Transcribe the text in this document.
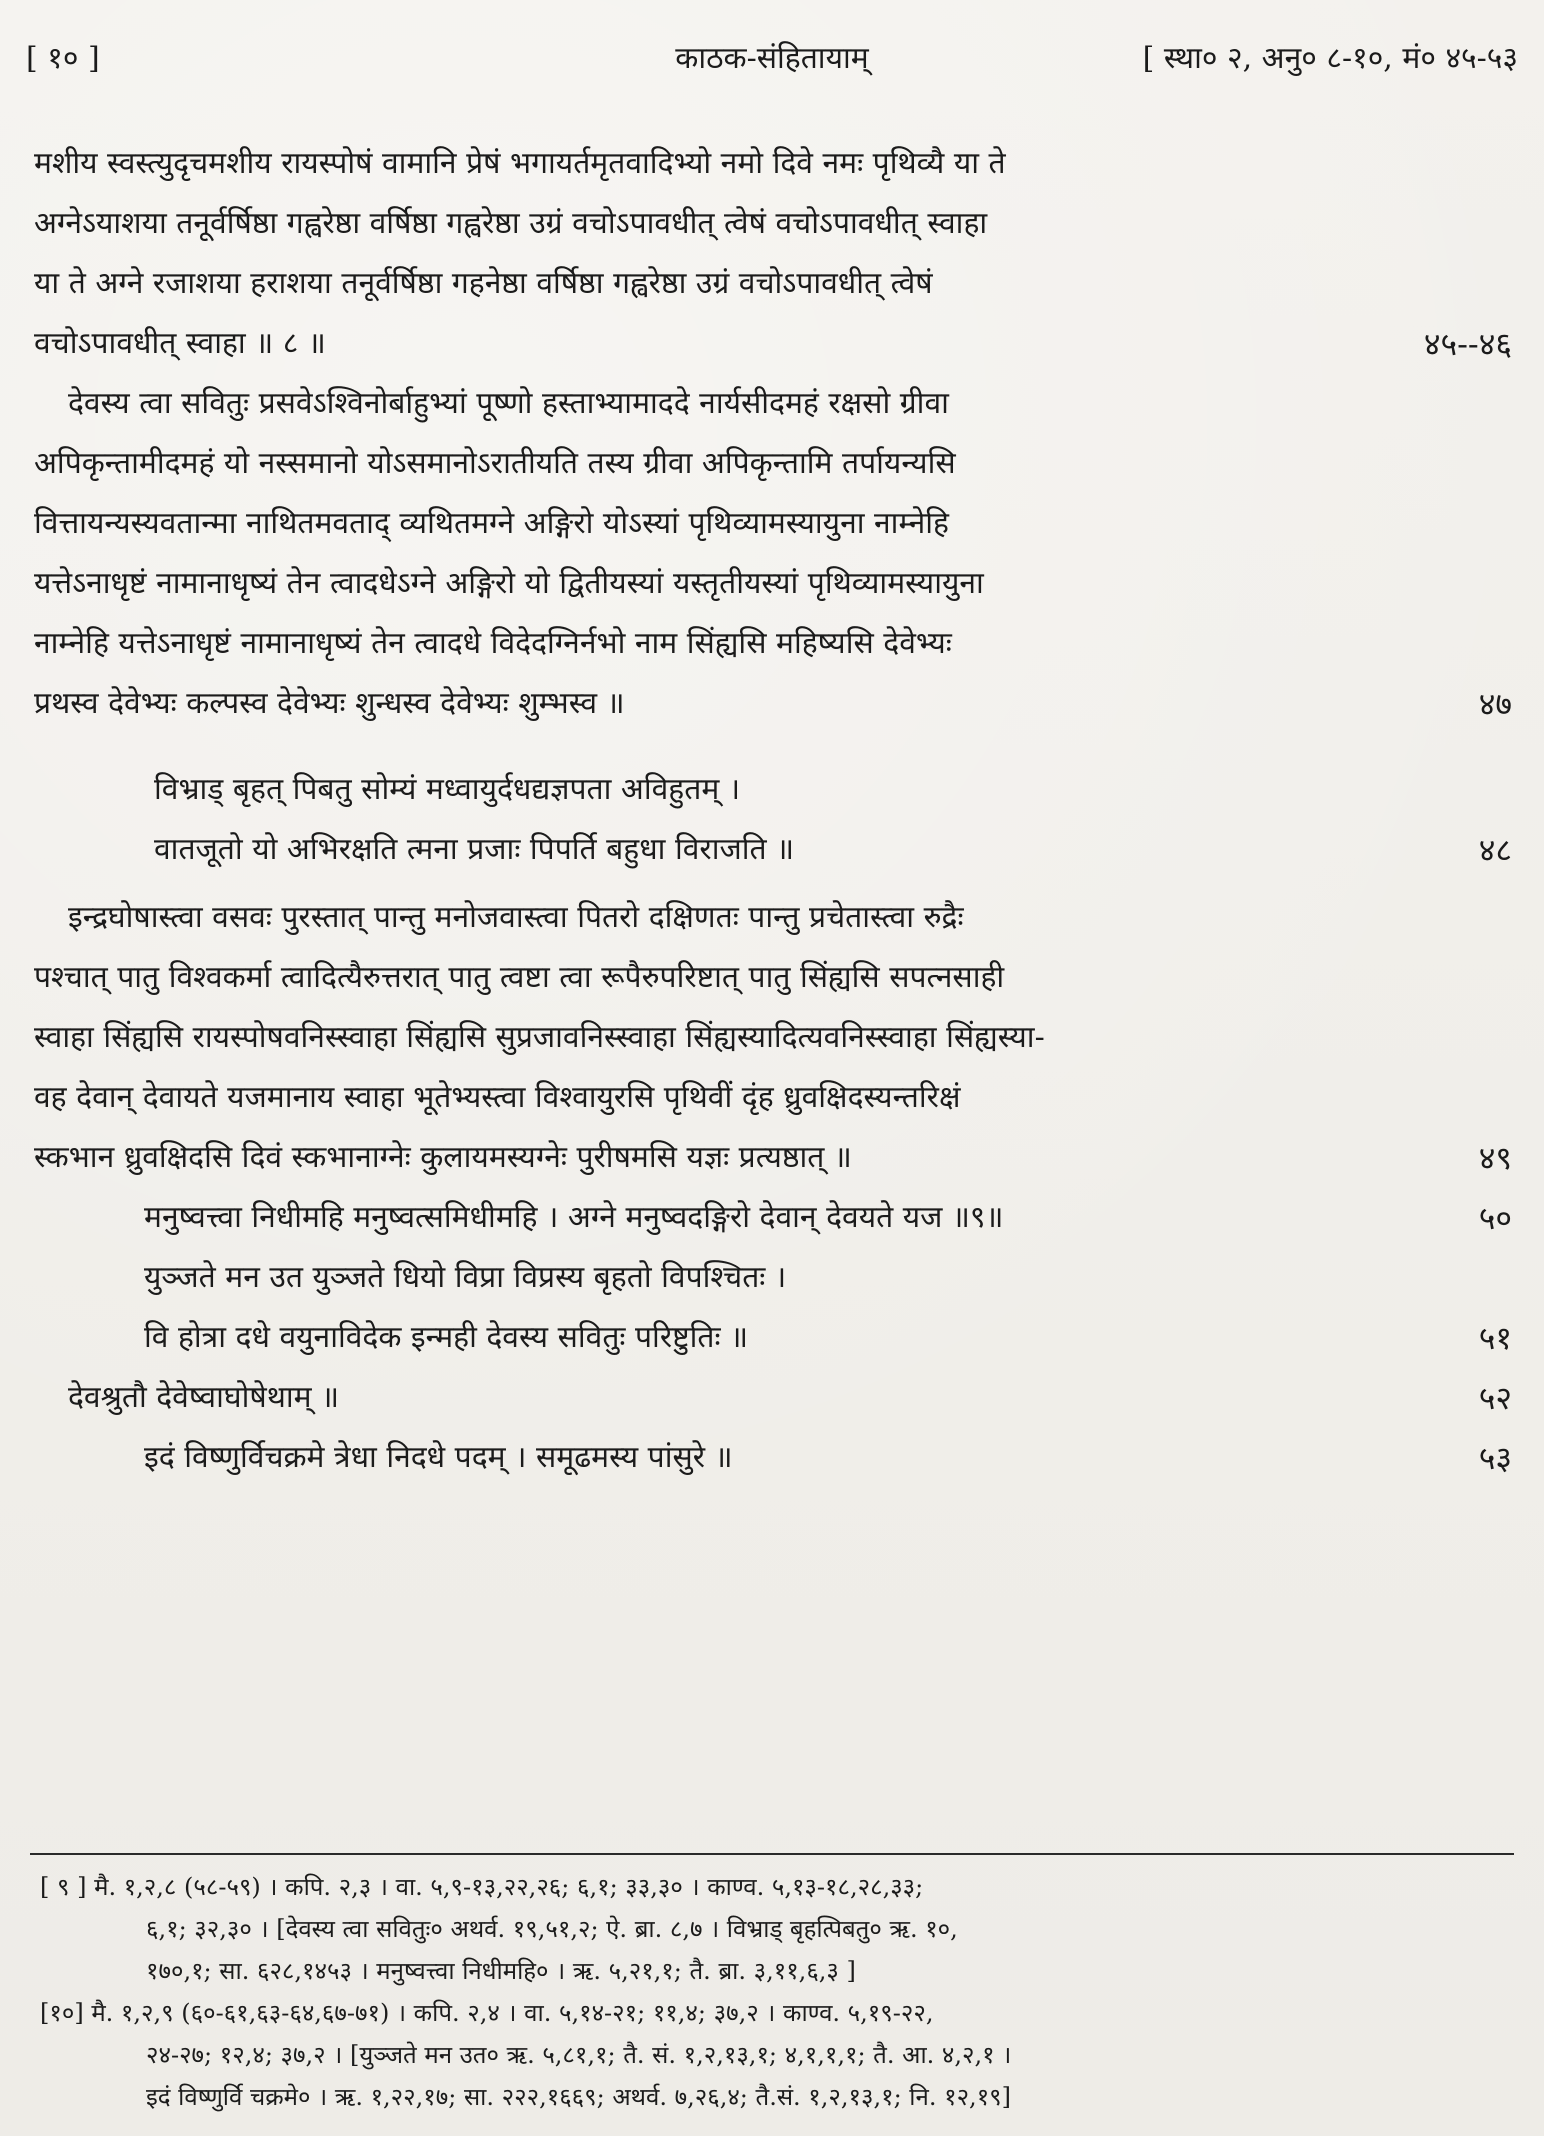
[ १० ]	काठक-संहितायाम्	[ स्था० २, अनु० ८-१०, मं० ४५-५३
मशीय स्वस्त्युदृचमशीय रायस्पोषं वामानि प्रेषं भगायर्तमृतवादिभ्यो नमो दिवे नमः पृथिव्यै या ते
अग्नेऽयाशया तनूर्वर्षिष्ठा गह्वरेष्ठा वर्षिष्ठा गह्वरेष्ठा उग्रं वचोऽपावधीत् त्वेषं वचोऽपावधीत् स्वाहा
या ते अग्ने रजाशया हराशया तनूर्वर्षिष्ठा गहनेष्ठा वर्षिष्ठा गह्वरेष्ठा उग्रं वचोऽपावधीत् त्वेषं
वचोऽपावधीत् स्वाहा ॥ ८ ॥	४५--४६
देवस्य त्वा सवितुः प्रसवेऽश्विनोर्बाहुभ्यां पूष्णो हस्ताभ्यामाददे नार्यसीदमहं रक्षसो ग्रीवा
अपिकृन्तामीदमहं यो नस्समानो योऽसमानोऽरातीयति तस्य ग्रीवा अपिकृन्तामि तर्पायन्यसि
वित्तायन्यस्यवतान्मा नाथितमवताद् व्यथितमग्ने अङ्गिरो योऽस्यां पृथिव्यामस्यायुना नाम्नेहि
यत्तेऽनाधृष्टं नामानाधृष्यं तेन त्वादधेऽग्ने अङ्गिरो यो द्वितीयस्यां यस्तृतीयस्यां पृथिव्यामस्यायुना
नाम्नेहि यत्तेऽनाधृष्टं नामानाधृष्यं तेन त्वादधे विदेदग्निर्नभो नाम सिंह्यसि महिष्यसि देवेभ्यः
प्रथस्व देवेभ्यः कल्पस्व देवेभ्यः शुन्धस्व देवेभ्यः शुम्भस्व ॥	४७
विभ्राड् बृहत् पिबतु सोम्यं मध्वायुर्दधद्यज्ञपता अविहुतम् ।
वातजूतो यो अभिरक्षति त्मना प्रजाः पिपर्ति बहुधा विराजति ॥	४८
इन्द्रघोषास्त्वा वसवः पुरस्तात् पान्तु मनोजवास्त्वा पितरो दक्षिणतः पान्तु प्रचेतास्त्वा रुद्रैः
पश्चात् पातु विश्वकर्मा त्वादित्यैरुत्तरात् पातु त्वष्टा त्वा रूपैरुपरिष्टात् पातु सिंह्यसि सपत्नसाही
स्वाहा सिंह्यसि रायस्पोषवनिस्स्वाहा सिंह्यसि सुप्रजावनिस्स्वाहा सिंह्यस्यादित्यवनिस्स्वाहा सिंह्यस्या-
वह देवान् देवायते यजमानाय स्वाहा भूतेभ्यस्त्वा विश्वायुरसि पृथिवीं दृंह ध्रुवक्षिदस्यन्तरिक्षं
स्कभान ध्रुवक्षिदसि दिवं स्कभानाग्नेः कुलायमस्यग्नेः पुरीषमसि यज्ञः प्रत्यष्ठात् ॥	४९
मनुष्वत्त्वा निधीमहि मनुष्वत्समिधीमहि । अग्ने मनुष्वदङ्गिरो देवान् देवयते यज ॥९॥	५०
युञ्जते मन उत युञ्जते धियो विप्रा विप्रस्य बृहतो विपश्चितः ।
वि होत्रा दधे वयुनाविदेक इन्मही देवस्य सवितुः परिष्टुतिः ॥	५१
देवश्रुतौ देवेष्वाघोषेथाम् ॥	५२
इदं विष्णुर्विचक्रमे त्रेधा निदधे पदम् । समूढमस्य पांसुरे ॥	५३
[ ९ ] मै. १,२,८ (५८-५९) । कपि. २,३ । वा. ५,९-१३,२२,२६; ६,१; ३३,३० । काण्व. ५,१३-१८,२८,३३;
६,१; ३२,३० । [देवस्य त्वा सवितुः० अथर्व. १९,५१,२; ऐ. ब्रा. ८,७ । विभ्राड् बृहत्पिबतु० ऋ. १०,
१७०,१; सा. ६२८,१४५३ । मनुष्वत्त्वा निधीमहि० । ऋ. ५,२१,१; तै. ब्रा. ३,११,६,३ ]
[१०] मै. १,२,९ (६०-६१,६३-६४,६७-७१) । कपि. २,४ । वा. ५,१४-२१; ११,४; ३७,२ । काण्व. ५,१९-२२,
२४-२७; १२,४; ३७,२ । [युञ्जते मन उत० ऋ. ५,८१,१; तै. सं. १,२,१३,१; ४,१,१,१; तै. आ. ४,२,१ ।
इदं विष्णुर्वि चक्रमे० । ऋ. १,२२,१७; सा. २२२,१६६९; अथर्व. ७,२६,४; तै.सं. १,२,१३,१; नि. १२,१९]
